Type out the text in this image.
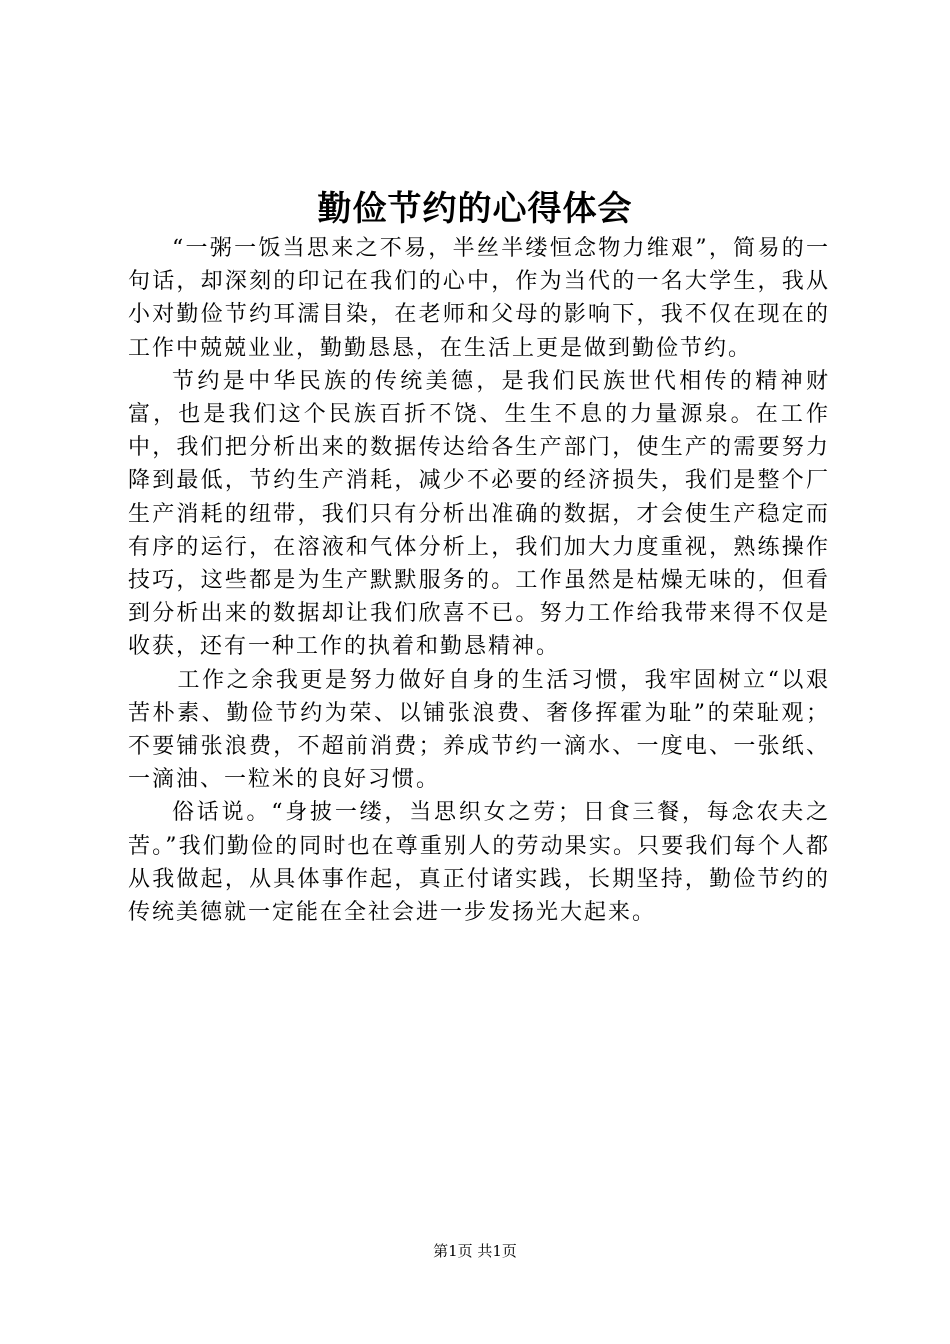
勤俭节约的心得体会

“一粥一饭当思来之不易，半丝半缕恒念物力维艰”，简易的一句话，却深刻的印记在我们的心中，作为当代的一名大学生，我从小对勤俭节约耳濡目染，在老师和父母的影响下，我不仅在现在的工作中兢兢业业，勤勤恳恳，在生活上更是做到勤俭节约。

节约是中华民族的传统美德，是我们民族世代相传的精神财富，也是我们这个民族百折不饶、生生不息的力量源泉。在工作中，我们把分析出来的数据传达给各生产部门，使生产的需要努力降到最低，节约生产消耗，减少不必要的经济损失，我们是整个厂生产消耗的纽带，我们只有分析出准确的数据，才会使生产稳定而有序的运行，在溶液和气体分析上，我们加大力度重视，熟练操作技巧，这些都是为生产默默服务的。工作虽然是枯燥无味的，但看到分析出来的数据却让我们欣喜不已。努力工作给我带来得不仅是收获，还有一种工作的执着和勤恳精神。

工作之余我更是努力做好自身的生活习惯，我牢固树立“以艰苦朴素、勤俭节约为荣、以铺张浪费、奢侈挥霍为耻”的荣耻观；不要铺张浪费，不超前消费；养成节约一滴水、一度电、一张纸、一滴油、一粒米的良好习惯。

俗话说。“身披一缕，当思织女之劳；日食三餐，每念农夫之苦。”我们勤俭的同时也在尊重别人的劳动果实。只要我们每个人都从我做起，从具体事作起，真正付诸实践，长期坚持，勤俭节约的传统美德就一定能在全社会进一步发扬光大起来。

第1页 共1页
